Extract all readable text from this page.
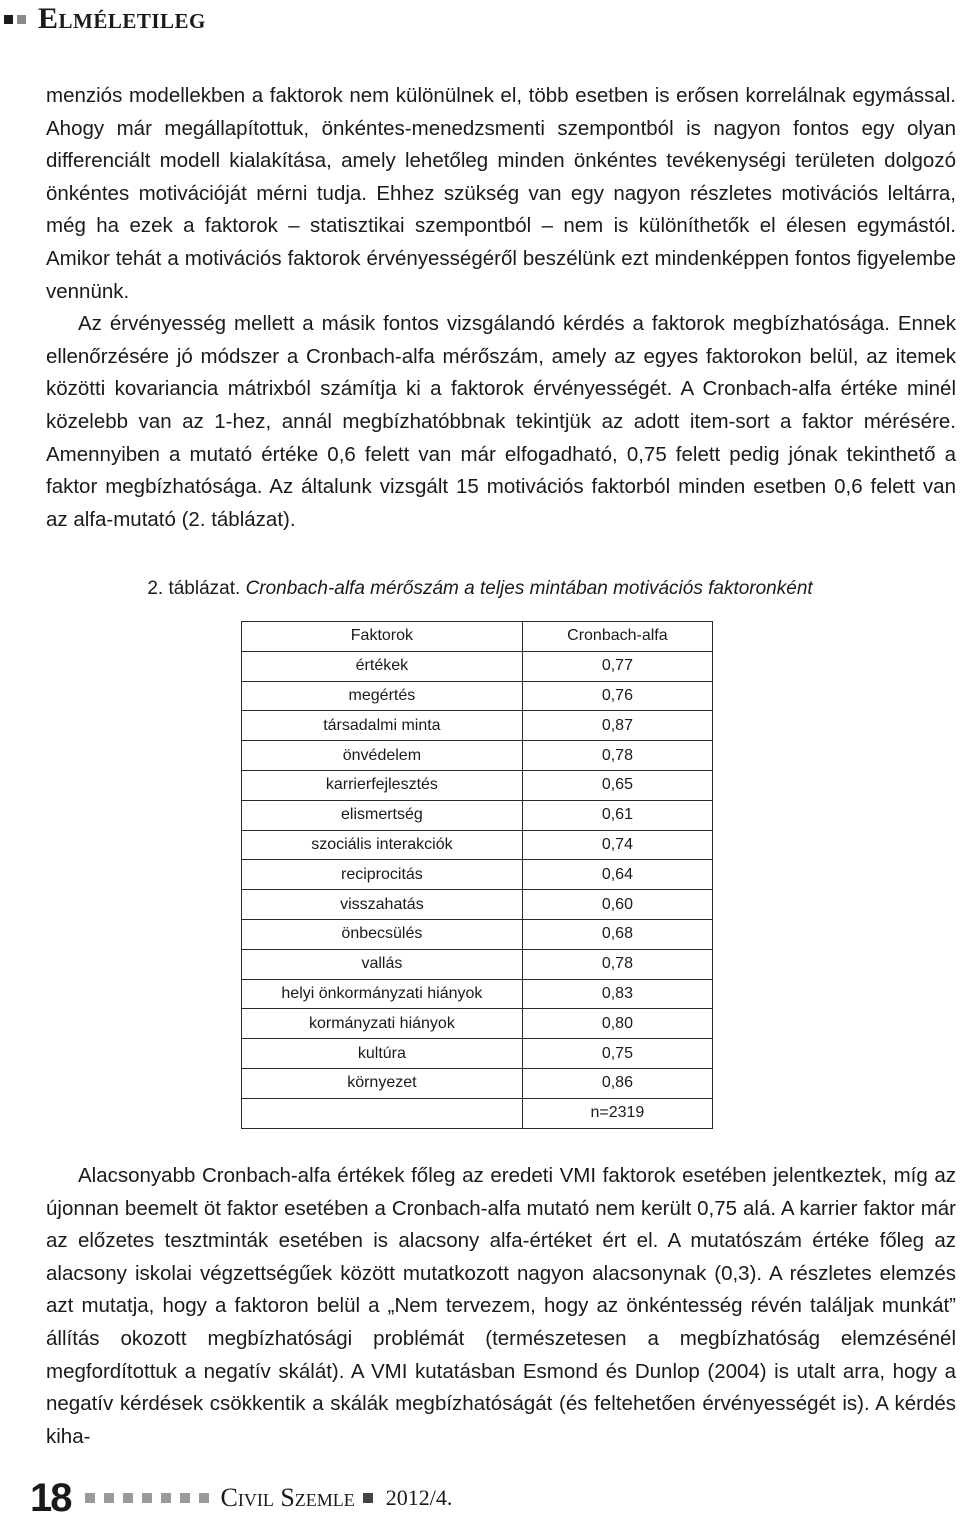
Elméletileg

menziós modellekben a faktorok nem különülnek el, több esetben is erősen korrelálnak egymással. Ahogy már megállapítottuk, önkéntes-menedzsmenti szempontból is nagyon fontos egy olyan differenciált modell kialakítása, amely lehetőleg minden önkéntes tevékenységi területen dolgozó önkéntes motivációját mérni tudja. Ehhez szükség van egy nagyon részletes motivációs leltárra, még ha ezek a faktorok – statisztikai szempontból – nem is különíthetők el élesen egymástól. Amikor tehát a motivációs faktorok érvényességéről beszélünk ezt mindenképpen fontos figyelembe vennünk.

Az érvényesség mellett a másik fontos vizsgálandó kérdés a faktorok megbízhatósága. Ennek ellenőrzésére jó módszer a Cronbach-alfa mérőszám, amely az egyes faktorokon belül, az itemek közötti kovariancia mátrixból számítja ki a faktorok érvényességét. A Cronbach-alfa értéke minél közelebb van az 1-hez, annál megbízhatóbbnak tekintjük az adott item-sort a faktor mérésére. Amennyiben a mutató értéke 0,6 felett van már elfogadható, 0,75 felett pedig jónak tekinthető a faktor megbízhatósága. Az általunk vizsgált 15 motivációs faktorból minden esetben 0,6 felett van az alfa-mutató (2. táblázat).

2. táblázat. Cronbach-alfa mérőszám a teljes mintában motivációs faktoronként
Faktorok	Cronbach-alfa
értékek	0,77
megértés	0,76
társadalmi minta	0,87
önvédelem	0,78
karrierfejlesztés	0,65
elismertség	0,61
szociális interakciók	0,74
reciprocitás	0,64
visszahatás	0,60
önbecsülés	0,68
vallás	0,78
helyi önkormányzati hiányok	0,83
kormányzati hiányok	0,80
kultúra	0,75
környezet	0,86
	n=2319

Alacsonyabb Cronbach-alfa értékek főleg az eredeti VMI faktorok esetében jelentkeztek, míg az újonnan beemelt öt faktor esetében a Cronbach-alfa mutató nem került 0,75 alá. A karrier faktor már az előzetes tesztminták esetében is alacsony alfa-értéket ért el. A mutatószám értéke főleg az alacsony iskolai végzettségűek között mutatkozott nagyon alacsonynak (0,3). A részletes elemzés azt mutatja, hogy a faktoron belül a „Nem tervezem, hogy az önkéntesség révén találjak munkát” állítás okozott megbízhatósági problémát (természetesen a megbízhatóság elemzésénél megfordítottuk a negatív skálát). A VMI kutatásban Esmond és Dunlop (2004) is utalt arra, hogy a negatív kérdések csökkentik a skálák megbízhatóságát (és feltehetően érvényességét is). A kérdés kiha-

18	Civil Szemle 2012/4.
